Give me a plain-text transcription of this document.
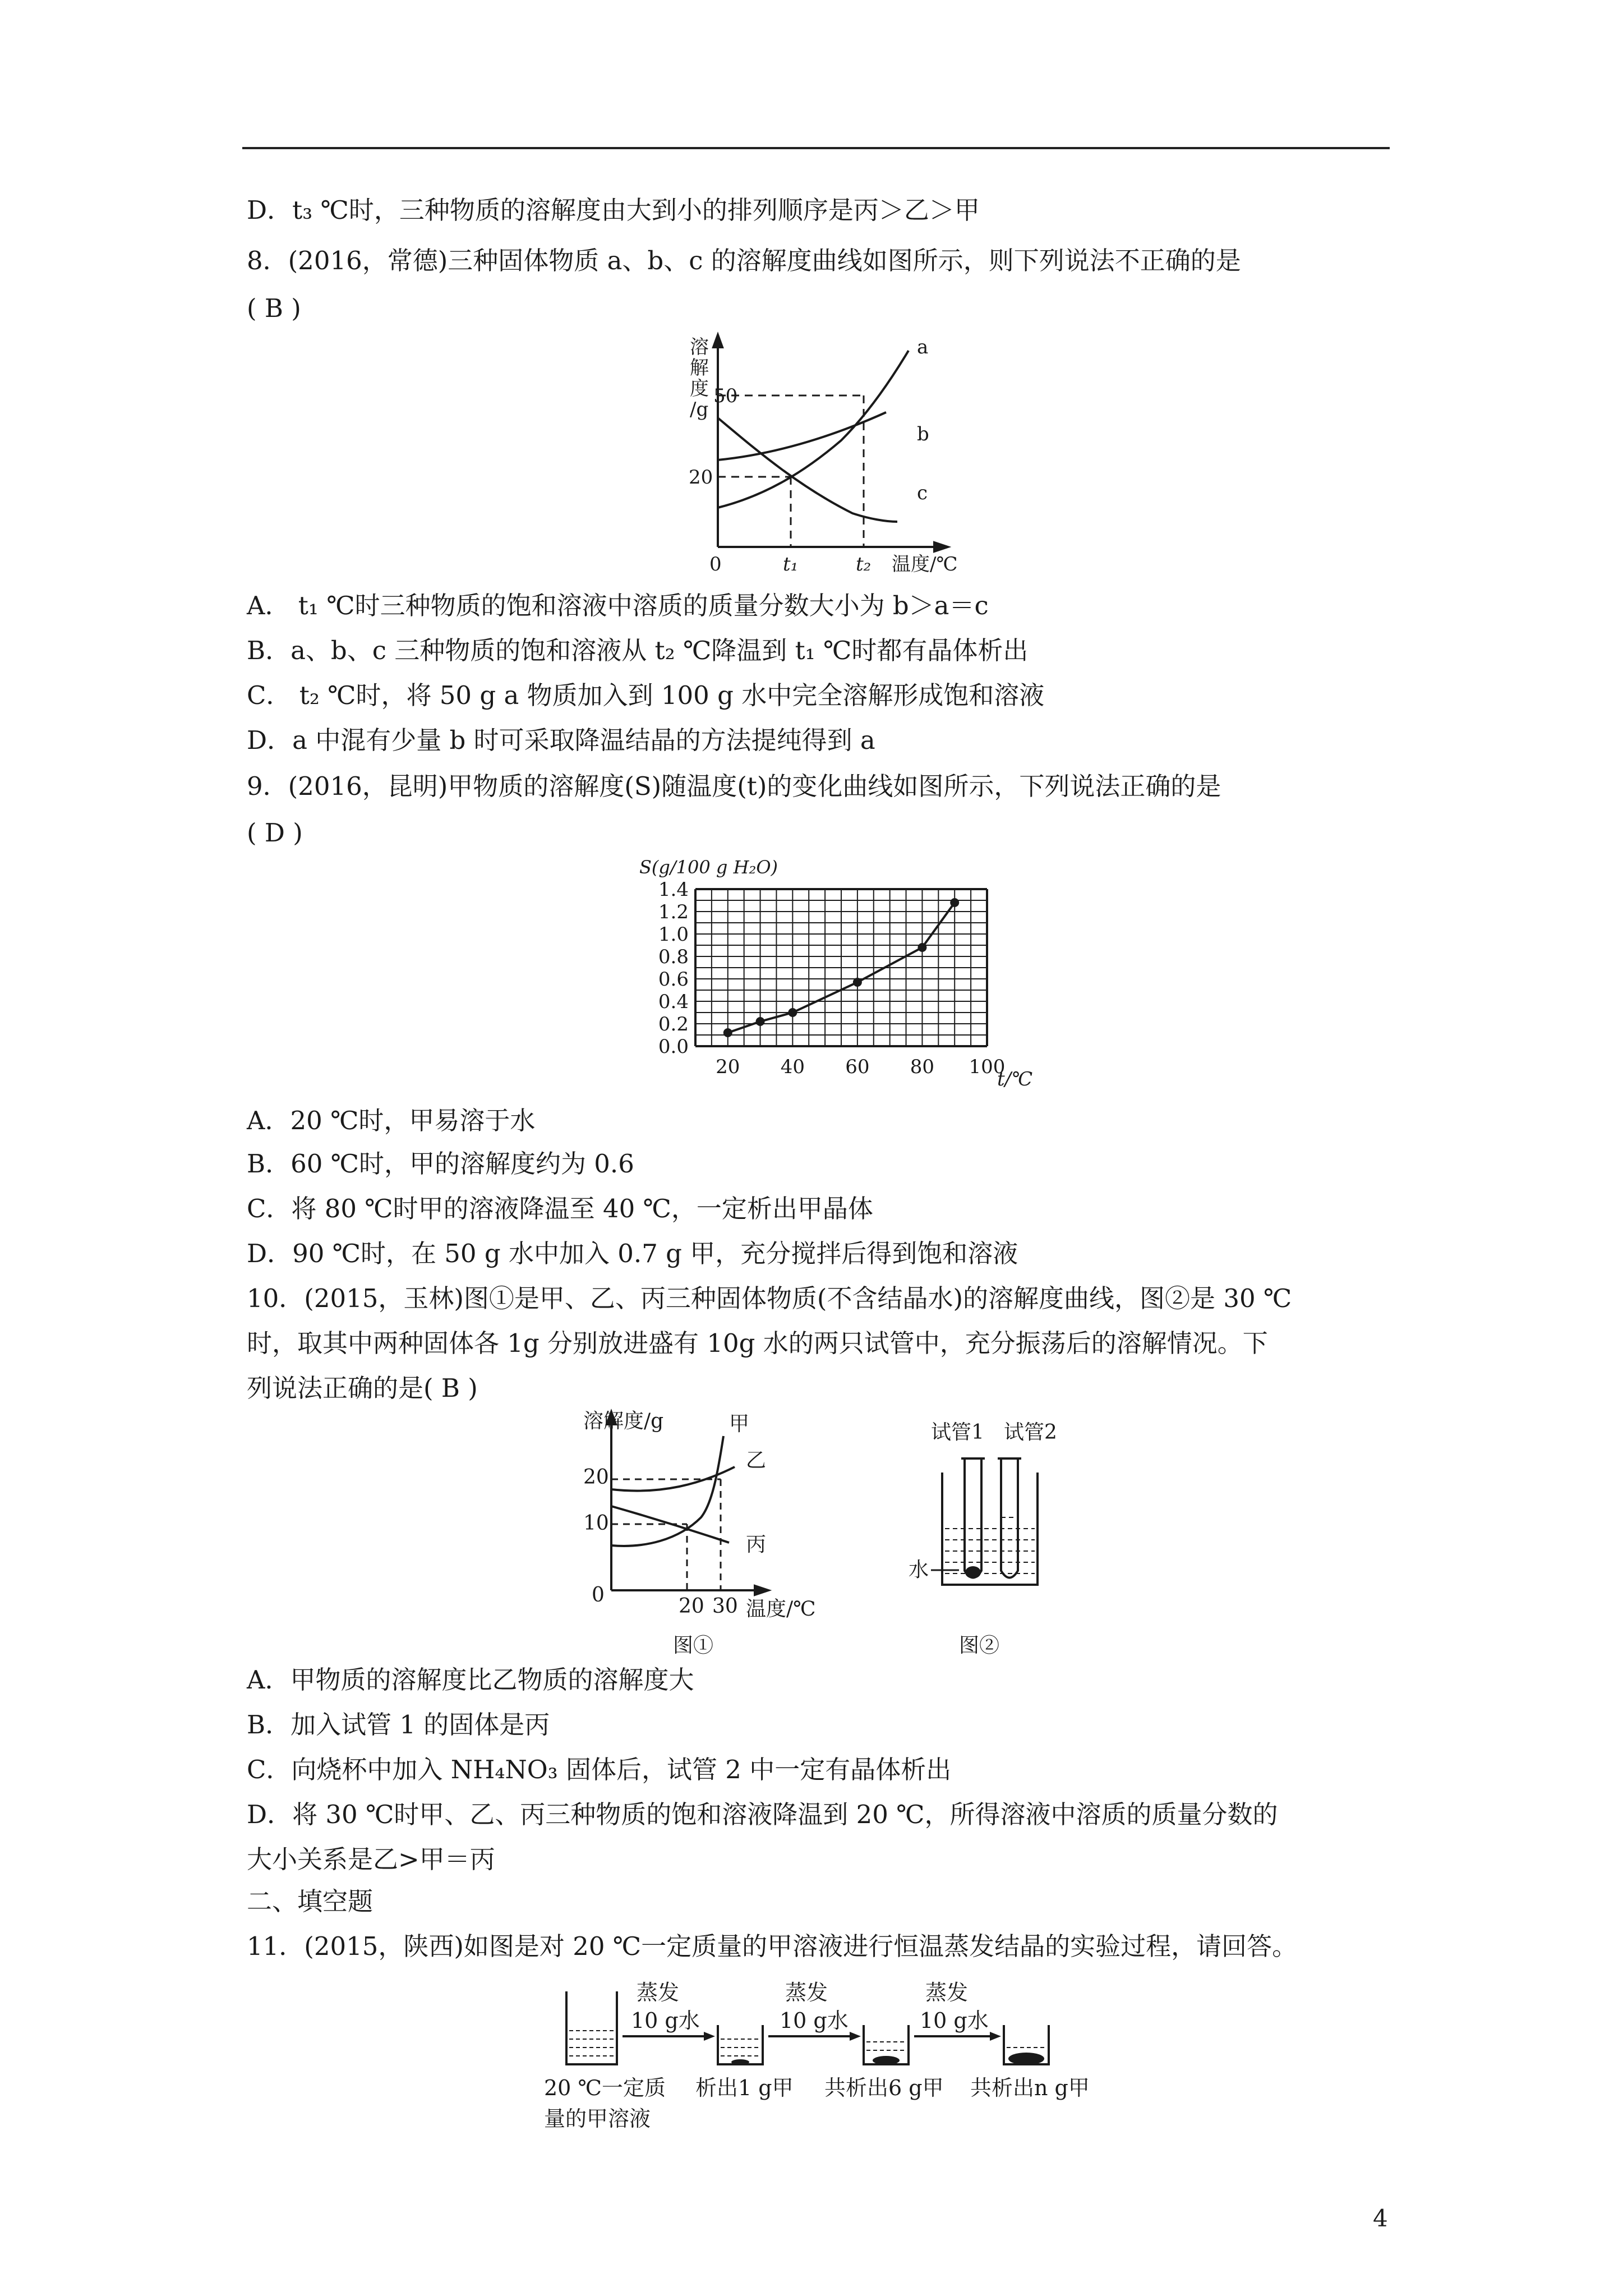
D．t₃ ℃时，三种物质的溶解度由大到小的排列顺序是丙＞乙＞甲
8．(2016，常德)三种固体物质 a、b、c 的溶解度曲线如图所示，则下列说法不正确的是
( B )
溶
解
度
/g
50
20
0	t₁	t₂ 温度/℃
a
b
c
A． t₁ ℃时三种物质的饱和溶液中溶质的质量分数大小为 b＞a＝c
B．a、b、c 三种物质的饱和溶液从 t₂ ℃降温到 t₁ ℃时都有晶体析出
C． t₂ ℃时，将 50 g a 物质加入到 100 g 水中完全溶解形成饱和溶液
D．a 中混有少量 b 时可采取降温结晶的方法提纯得到 a
9．(2016，昆明)甲物质的溶解度(S)随温度(t)的变化曲线如图所示，下列说法正确的是
( D )
S(g/100 g H₂O)
1.4
1.2
1.0
0.8
0.6
0.4
0.2
0.0
20 40 60 80 100
t/℃
A．20 ℃时，甲易溶于水
B．60 ℃时，甲的溶解度约为 0.6
C．将 80 ℃时甲的溶液降温至 40 ℃，一定析出甲晶体
D．90 ℃时，在 50 g 水中加入 0.7 g 甲，充分搅拌后得到饱和溶液
10．(2015，玉林)图①是甲、乙、丙三种固体物质(不含结晶水)的溶解度曲线，图②是 30 ℃
时，取其中两种固体各 1g 分别放进盛有 10g 水的两只试管中，充分振荡后的溶解情况。下
列说法正确的是( B )
20
10
0	20 30 温度/℃
溶解度/g	甲
乙
丙
图①
试管1 试管2
水
图②
A．甲物质的溶解度比乙物质的溶解度大
B．加入试管 1 的固体是丙
C．向烧杯中加入 NH₄NO₃ 固体后，试管 2 中一定有晶体析出
D．将 30 ℃时甲、乙、丙三种物质的饱和溶液降温到 20 ℃，所得溶液中溶质的质量分数的
大小关系是乙>甲＝丙
二、填空题
11．(2015，陕西)如图是对 20 ℃一定质量的甲溶液进行恒温蒸发结晶的实验过程，请回答。
蒸发
10 g水
蒸发
10 g水
蒸发
10 g水
20 ℃一定质
量的甲溶液
析出1 g甲 共析出6 g甲 共析出n g甲
4
